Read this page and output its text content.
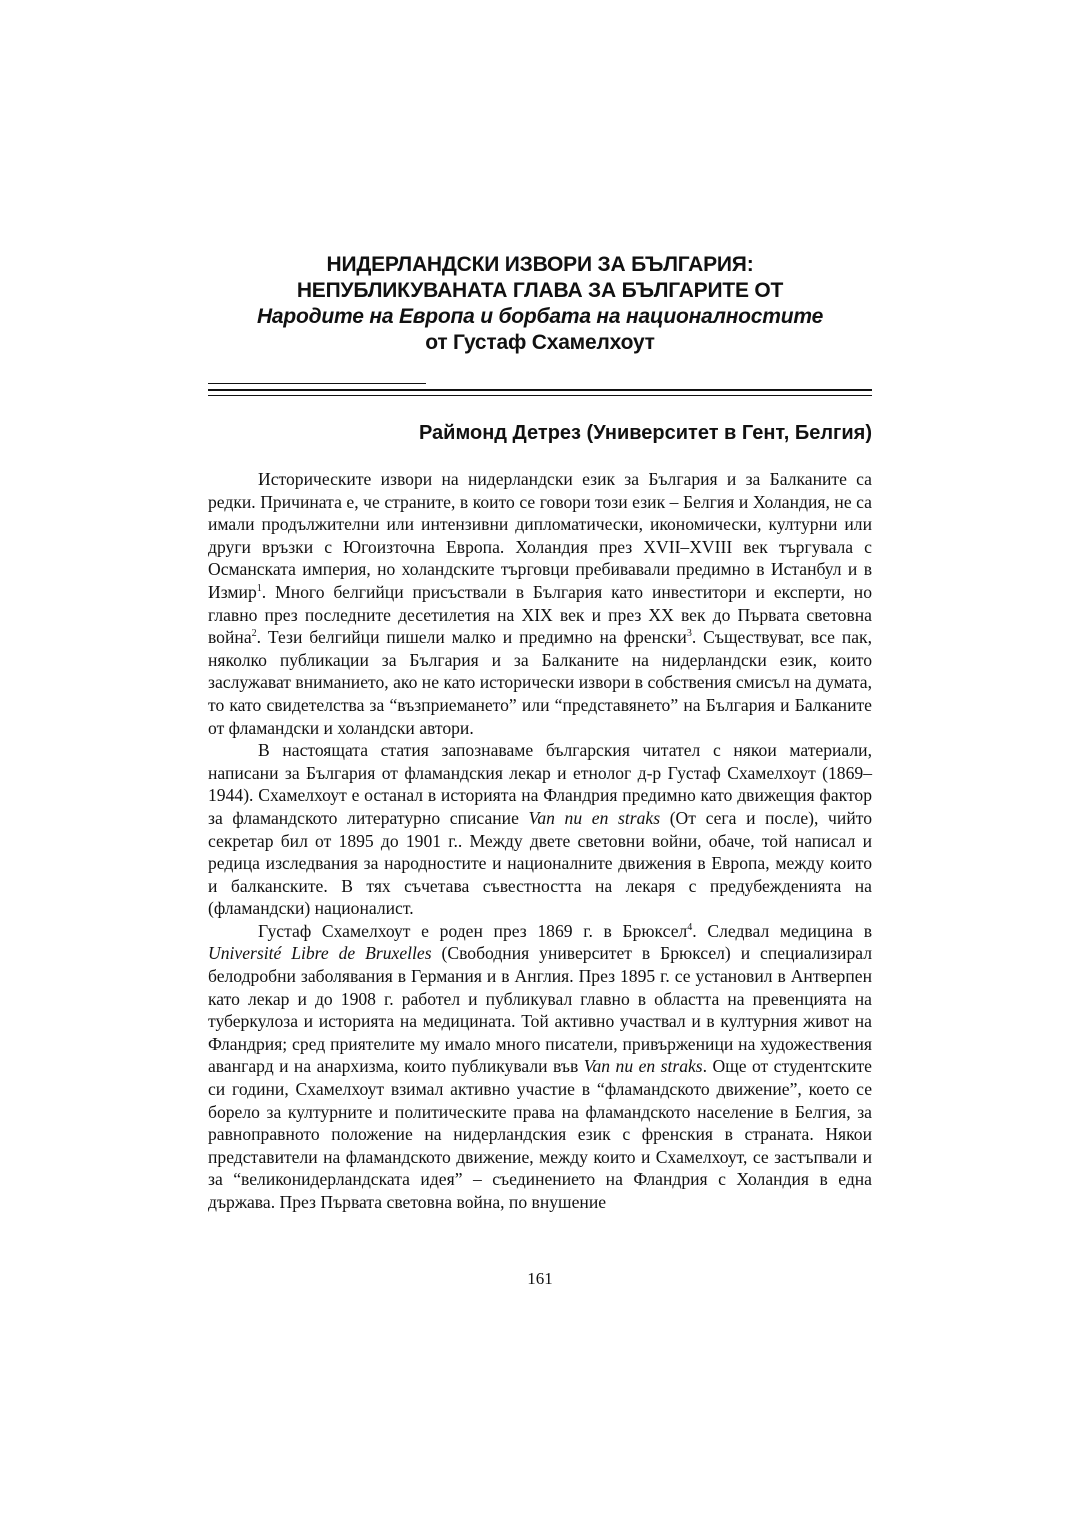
НИДЕРЛАНДСКИ ИЗВОРИ ЗА БЪЛГАРИЯ:
НЕПУБЛИКУВАНАТА ГЛАВА ЗА БЪЛГАРИТЕ ОТ
Народите на Европа и борбата на националностите
от Густаф Схамелхоут
Раймонд Детрез (Университет в Гент, Белгия)

Историческите извори на нидерландски език за България и за Балканите са редки. Причината е, че страните, в които се говори този език – Белгия и Холандия, не са имали продължителни или интензивни дипломатически, икономически, културни или други връзки с Югоизточна Европа. Холандия през XVII–XVIII век търгувала с Османската империя, но холандските търговци пребивавали предимно в Истанбул и в Измир$^1$. Много белгийци присъствали в България като инвеститори и експерти, но главно през последните десетилетия на XIX век и през XX век до Първата световна война$^2$. Тези белгийци пишели малко и предимно на френски$^3$. Съществуват, все пак, няколко публикации за България и за Балканите на нидерландски език, които заслужават вниманието, ако не като исторически извори в собствения смисъл на думата, то като свидетелства за “възприемането” или “представянето” на България и Балканите от фламандски и холандски автори.

В настоящата статия запознаваме българския читател с някои материали, написани за България от фламандския лекар и етнолог д-р Густаф Схамелхоут (1869–1944). Схамелхоут е останал в историята на Фландрия предимно като движещия фактор за фламандското литературно списание Van nu en straks (От сега и после), чийто секретар бил от 1895 до 1901 г.. Между двете световни войни, обаче, той написал и редица изследвания за народностите и националните движения в Европа, между които и балканските. В тях съчетава съвестността на лекаря с предубежденията на (фламандски) националист.

Густаф Схамелхоут е роден през 1869 г. в Брюксел$^4$. Следвал медицина в Université Libre de Bruxelles (Свободния университет в Брюксел) и специализирал белодробни заболявания в Германия и в Англия. През 1895 г. се установил в Антверпен като лекар и до 1908 г. работел и публикувал главно в областта на превенцията на туберкулоза и историята на медицината. Той активно участвал и в културния живот на Фландрия; сред приятелите му имало много писатели, привърженици на художествения авангард и на анархизма, които публикували във Van nu en straks. Още от студентските си години, Схамелхоут взимал активно участие в “фламандското движение”, което се борело за културните и политическите права на фламандското население в Белгия, за равноправното положение на нидерландския език с френския в страната. Някои представители на фламандското движение, между които и Схамелхоут, се застъпвали и за “великонидерландската идея” – съединението на Фландрия с Холандия в една държава. През Първата световна война, по внушение

161
